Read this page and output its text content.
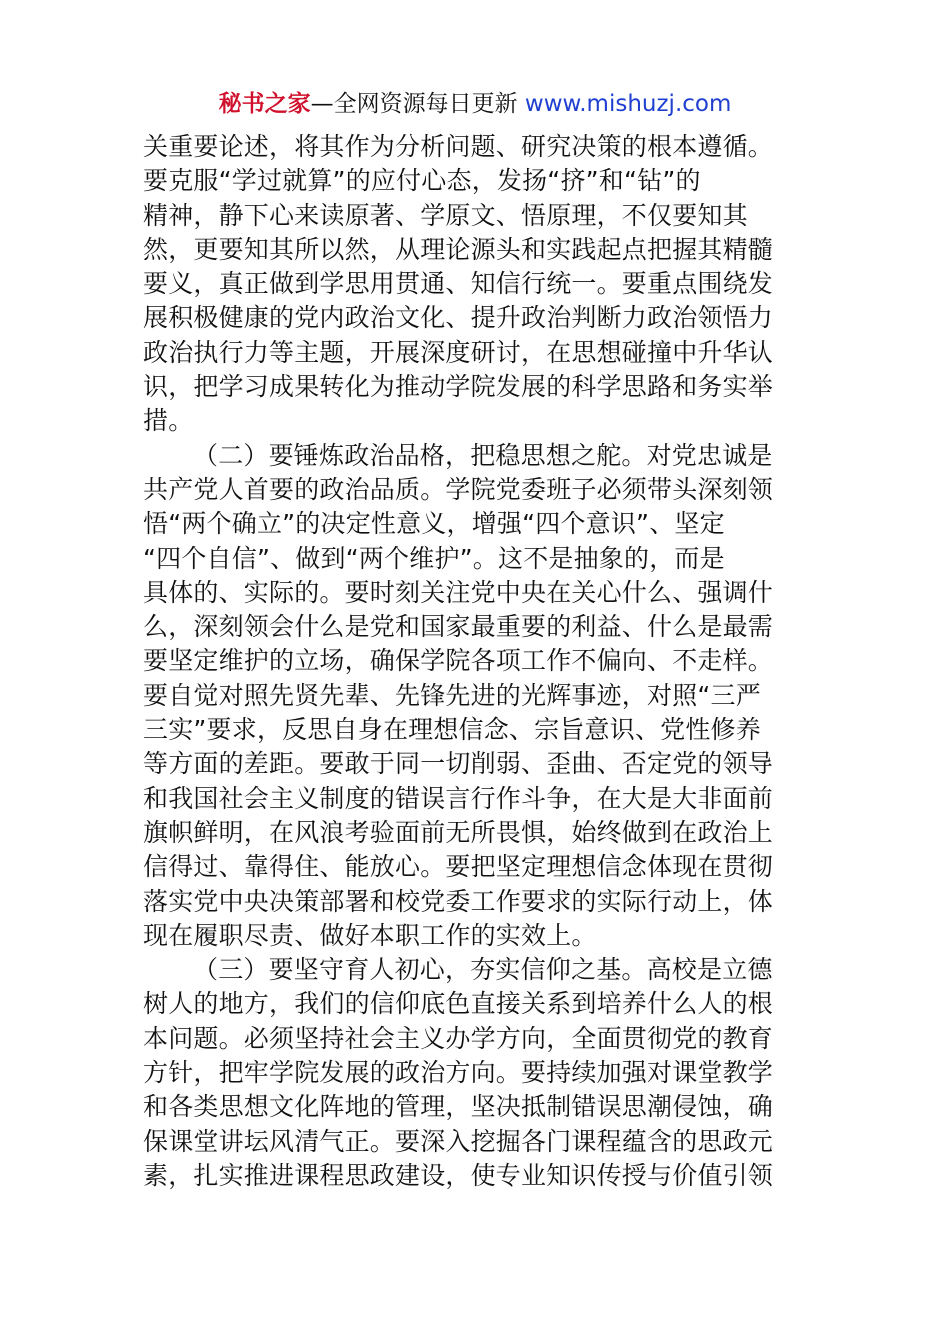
秘书之家—全网资源每日更新 www.mishuzj.com
关重要论述，将其作为分析问题、研究决策的根本遵循。
要克服“学过就算”的应付心态，发扬“挤”和“钻”的
精神，静下心来读原著、学原文、悟原理，不仅要知其
然，更要知其所以然，从理论源头和实践起点把握其精髓
要义，真正做到学思用贯通、知信行统一。要重点围绕发
展积极健康的党内政治文化、提升政治判断力政治领悟力
政治执行力等主题，开展深度研讨，在思想碰撞中升华认
识，把学习成果转化为推动学院发展的科学思路和务实举
措。
（二）要锤炼政治品格，把稳思想之舵。对党忠诚是
共产党人首要的政治品质。学院党委班子必须带头深刻领
悟“两个确立”的决定性意义，增强“四个意识”、坚定
“四个自信”、做到“两个维护”。这不是抽象的，而是
具体的、实际的。要时刻关注党中央在关心什么、强调什
么，深刻领会什么是党和国家最重要的利益、什么是最需
要坚定维护的立场，确保学院各项工作不偏向、不走样。
要自觉对照先贤先辈、先锋先进的光辉事迹，对照“三严
三实”要求，反思自身在理想信念、宗旨意识、党性修养
等方面的差距。要敢于同一切削弱、歪曲、否定党的领导
和我国社会主义制度的错误言行作斗争，在大是大非面前
旗帜鲜明，在风浪考验面前无所畏惧，始终做到在政治上
信得过、靠得住、能放心。要把坚定理想信念体现在贯彻
落实党中央决策部署和校党委工作要求的实际行动上，体
现在履职尽责、做好本职工作的实效上。
（三）要坚守育人初心，夯实信仰之基。高校是立德
树人的地方，我们的信仰底色直接关系到培养什么人的根
本问题。必须坚持社会主义办学方向，全面贯彻党的教育
方针，把牢学院发展的政治方向。要持续加强对课堂教学
和各类思想文化阵地的管理，坚决抵制错误思潮侵蚀，确
保课堂讲坛风清气正。要深入挖掘各门课程蕴含的思政元
素，扎实推进课程思政建设，使专业知识传授与价值引领
